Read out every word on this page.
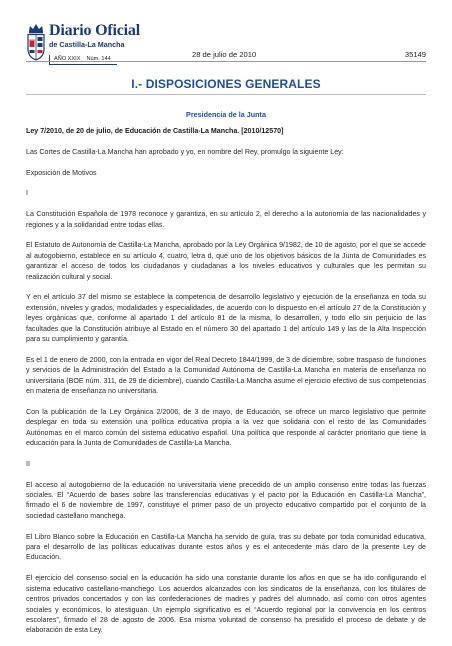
Diario Oficial
de Castilla-La Mancha
AÑO XXIX Núm. 144	28 de julio de 2010	35149
I.- DISPOSICIONES GENERALES
Presidencia de la Junta

Ley 7/2010, de 20 de julio, de Educación de Castilla-La Mancha. [2010/12570]

Las Cortes de Castilla-La Mancha han aprobado y yo, en nombre del Rey, promulgo la siguiente Ley:

Exposición de Motivos

I

La Constitución Española de 1978 reconoce y garantiza, en su artículo 2, el derecho a la autonomía de las nacionalidades y regiones y a la solidaridad entre todas ellas.

El Estatuto de Autonomía de Castilla-La Mancha, aprobado por la Ley Orgánica 9/1982, de 10 de agosto, por el que se accede al autogobierno, establece en su artículo 4, cuatro, letra d, que uno de los objetivos básicos de la Junta de Comunidades es garantizar el acceso de todos los ciudadanos y ciudadanas a los niveles educativos y culturales que les permitan su realización cultural y social.

Y en el artículo 37 del mismo se establece la competencia de desarrollo legislativo y ejecución de la enseñanza en toda su extensión, niveles y grados, modalidades y especialidades, de acuerdo con lo dispuesto en el artículo 27 de la Constitución y leyes orgánicas que, conforme al apartado 1 del artículo 81 de la misma, lo desarrollen, y todo ello sin perjuicio de las facultades que la Constitución atribuye al Estado en el número 30 del apartado 1 del artículo 149 y las de la Alta Inspección para su cumplimiento y garantía.

Es el 1 de enero de 2000, con la entrada en vigor del Real Decreto 1844/1999, de 3 de diciembre, sobre traspaso de funciones y servicios de la Administración del Estado a la Comunidad Autónoma de Castilla-La Mancha en materia de enseñanza no universitaria (BOE núm. 311, de 29 de diciembre), cuando Castilla-La Mancha asume el ejercicio efectivo de sus competencias en materia de enseñanza no universitaria.

Con la publicación de la Ley Orgánica 2/2006, de 3 de mayo, de Educación, se ofrece un marco legislativo que permite desplegar en toda su extensión una política educativa propia a la vez que solidaria con el resto de las Comunidades Autónomas en el marco común del sistema educativo español. Una política que responde al carácter prioritario que tiene la educación para la Junta de Comunidades de Castilla-La Mancha.

II

El acceso al autogobierno de la educación no universitaria viene precedido de un amplio consenso entre todas las fuerzas sociales. El “Acuerdo de bases sobre las transferencias educativas y el pacto por la Educación en Castilla-La Mancha”, firmado el 6 de noviembre de 1997, constituye el primer paso de un proyecto educativo compartido por el conjunto de la sociedad castellano manchega.

El Libro Blanco sobre la Educación en Castilla-La Mancha ha servido de guía, tras su debate por toda comunidad educativa, para el desarrollo de las políticas educativas durante estos años y es el antecedente más claro de la presente Ley de Educación.

El ejercicio del consenso social en la educación ha sido una constante durante los años en que se ha ido configurando el sistema educativo castellano-manchego. Los acuerdos alcanzados con los sindicatos de la enseñanza, con los titulares de centros privados concertados y con las confederaciones de madres y padres del alumnado, así como con otros agentes sociales y económicos, lo atestiguan. Un ejemplo significativo es el “Acuerdo regional por la convivencia en los centros escolares”, firmado el 28 de agosto de 2006. Esa misma voluntad de consenso ha presidido el proceso de debate y de elaboración de esta Ley.
